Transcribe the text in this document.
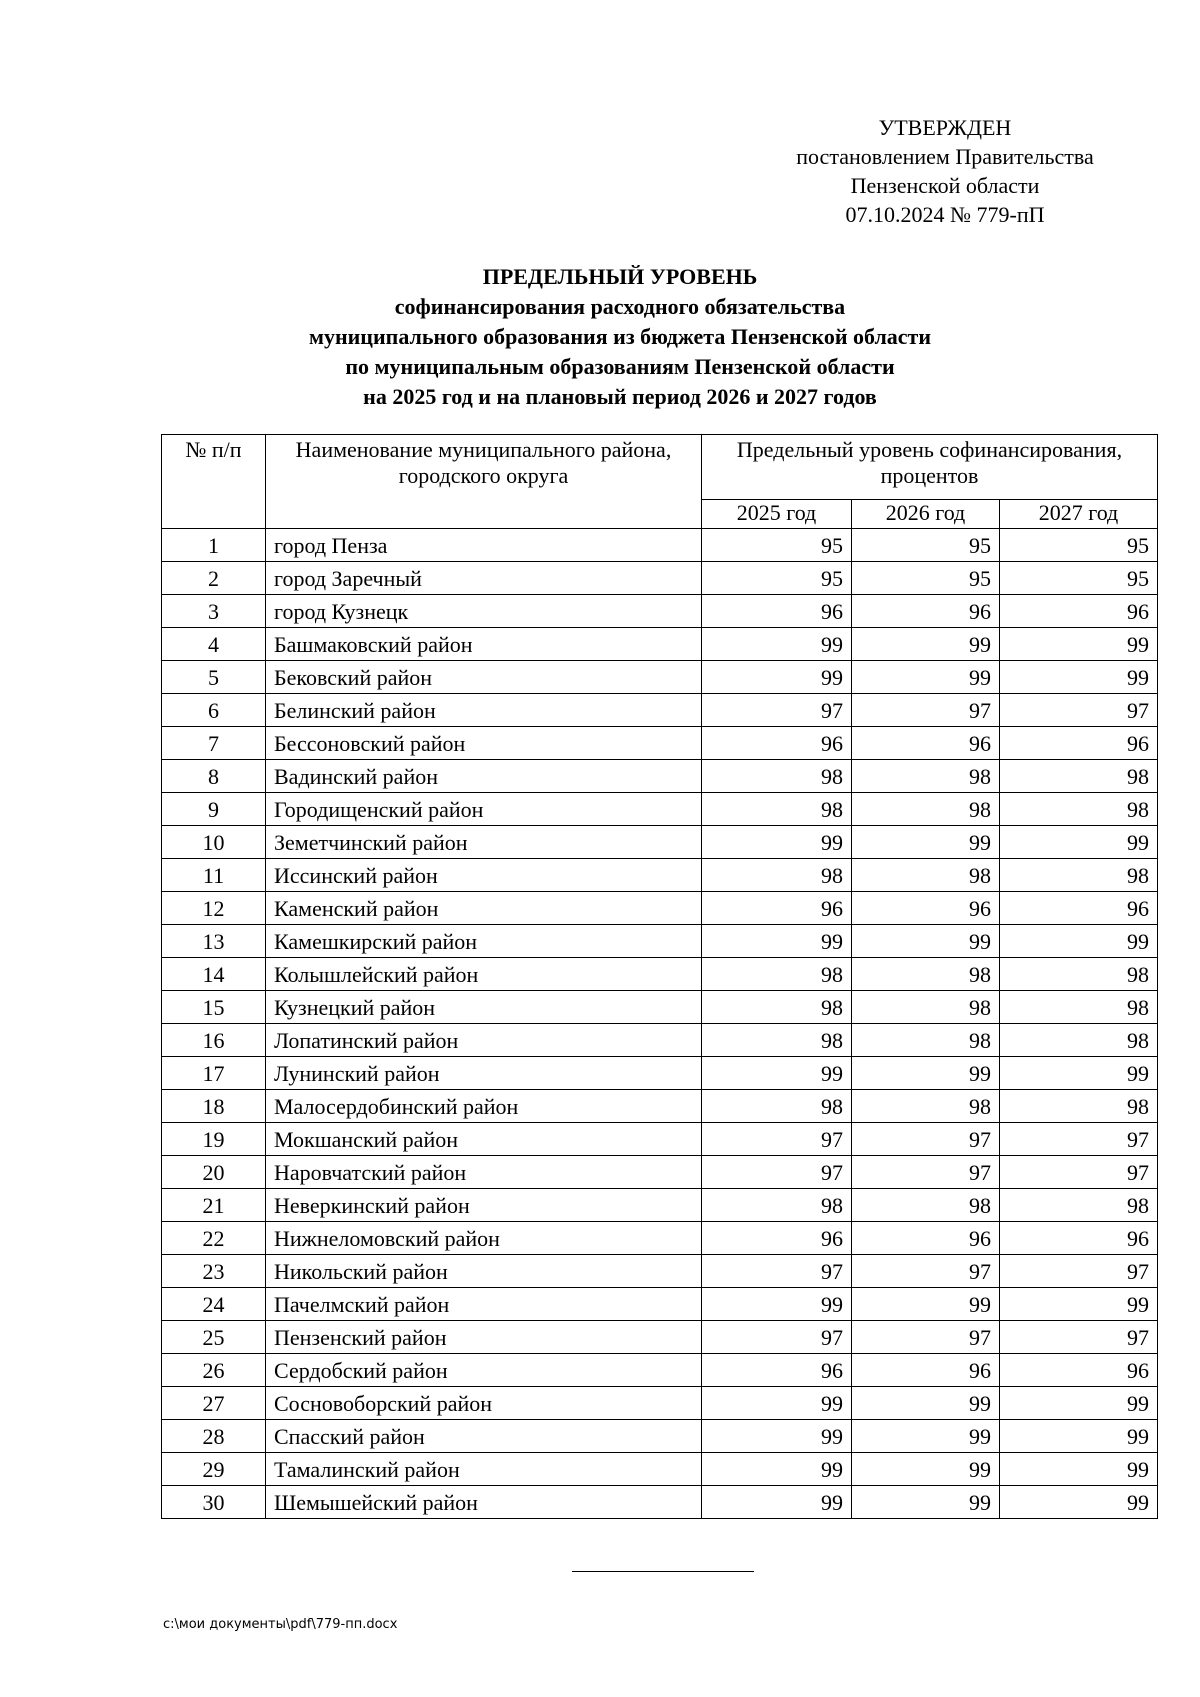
УТВЕРЖДЕН
постановлением Правительства
Пензенской области
07.10.2024 № 779-пП
ПРЕДЕЛЬНЫЙ УРОВЕНЬ
софинансирования расходного обязательства
муниципального образования из бюджета Пензенской области
по муниципальным образованиям Пензенской области
на 2025 год и на плановый период 2026 и 2027 годов
№ п/п	Наименование муниципального района, городского округа	Предельный уровень софинансирования, процентов		
		2025 год	2026 год	2027 год
1	город Пенза	95	95	95
2	город Заречный	95	95	95
3	город Кузнецк	96	96	96
4	Башмаковский район	99	99	99
5	Бековский район	99	99	99
6	Белинский район	97	97	97
7	Бессоновский район	96	96	96
8	Вадинский район	98	98	98
9	Городищенский район	98	98	98
10	Земетчинский район	99	99	99
11	Иссинский район	98	98	98
12	Каменский район	96	96	96
13	Камешкирский район	99	99	99
14	Колышлейский район	98	98	98
15	Кузнецкий район	98	98	98
16	Лопатинский район	98	98	98
17	Лунинский район	99	99	99
18	Малосердобинский район	98	98	98
19	Мокшанский район	97	97	97
20	Наровчатский район	97	97	97
21	Неверкинский район	98	98	98
22	Нижнеломовский район	96	96	96
23	Никольский район	97	97	97
24	Пачелмский район	99	99	99
25	Пензенский район	97	97	97
26	Сердобский район	96	96	96
27	Сосновоборский район	99	99	99
28	Спасский район	99	99	99
29	Тамалинский район	99	99	99
30	Шемышейский район	99	99	99
c:\мои документы\pdf\779-пп.docx
